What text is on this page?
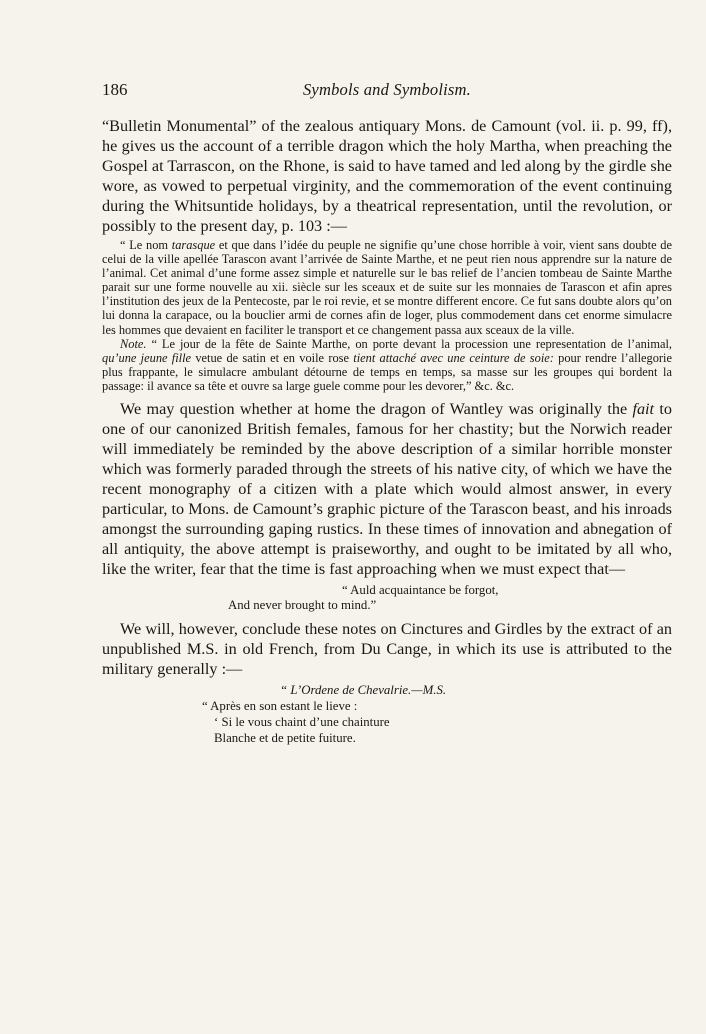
186	Symbols and Symbolism.

“Bulletin Monumental” of the zealous antiquary Mons. de Camount (vol. ii. p. 99, ff), he gives us the account of a terrible dragon which the holy Martha, when preaching the Gospel at Tarrascon, on the Rhone, is said to have tamed and led along by the girdle she wore, as vowed to perpetual virginity, and the commemoration of the event continuing during the Whitsuntide holidays, by a theatrical representation, until the revolution, or possibly to the present day, p. 103 :—

“ Le nom tarasque et que dans l’idée du peuple ne signifie qu’une chose horrible à voir, vient sans doubte de celui de la ville apellée Tarascon avant l’arrivée de Sainte Marthe, et ne peut rien nous apprendre sur la nature de l’animal. Cet animal d’une forme assez simple et naturelle sur le bas relief de l’ancien tombeau de Sainte Marthe parait sur une forme nouvelle au xii. siècle sur les sceaux et de suite sur les monnaies de Tarascon et afin apres l’institution des jeux de la Pentecoste, par le roi revie, et se montre different encore. Ce fut sans doubte alors qu’on lui donna la carapace, ou la bouclier armi de cornes afin de loger, plus commodement dans cet enorme simulacre les hommes que devaient en faciliter le transport et ce changement passa aux sceaux de la ville.

Note. “ Le jour de la fête de Sainte Marthe, on porte devant la procession une representation de l’animal, qu’une jeune fille vetue de satin et en voile rose tient attaché avec une ceinture de soie: pour rendre l’allegorie plus frappante, le simulacre ambulant détourne de temps en temps, sa masse sur les groupes qui bordent la passage: il avance sa tête et ouvre sa large guele comme pour les devorer,” &c. &c.

We may question whether at home the dragon of Wantley was originally the fait to one of our canonized British females, famous for her chastity; but the Norwich reader will immediately be reminded by the above description of a similar horrible monster which was formerly paraded through the streets of his native city, of which we have the recent monography of a citizen with a plate which would almost answer, in every particular, to Mons. de Camount’s graphic picture of the Tarascon beast, and his inroads amongst the surrounding gaping rustics. In these times of innovation and abnegation of all antiquity, the above attempt is praiseworthy, and ought to be imitated by all who, like the writer, fear that the time is fast approaching when we must expect that—

“ Auld acquaintance be forgot,
And never brought to mind.”

We will, however, conclude these notes on Cinctures and Girdles by the extract of an unpublished M.S. in old French, from Du Cange, in which its use is attributed to the military generally :—

“ L’Ordene de Chevalrie.—M.S.
“ Après en son estant le lieve :
‘ Si le vous chaint d’une chainture
Blanche et de petite fuiture.
